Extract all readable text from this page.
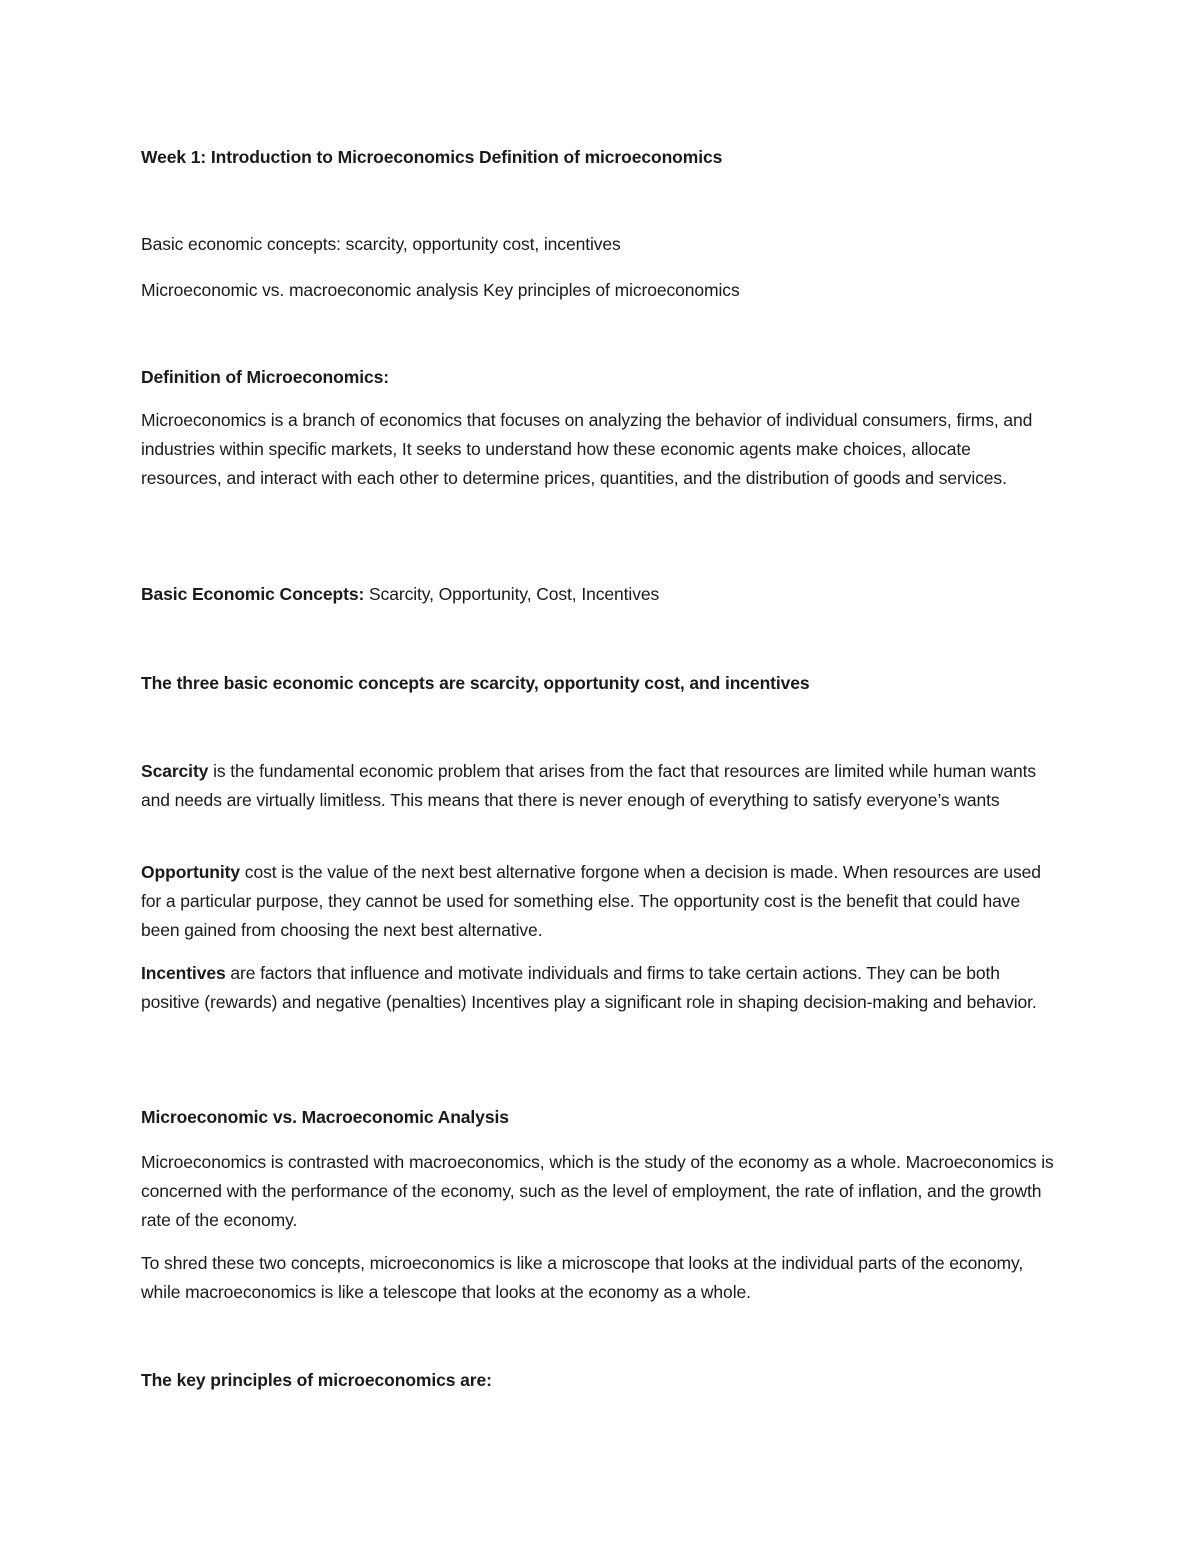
Week 1: Introduction to Microeconomics Definition of microeconomics
Basic economic concepts: scarcity, opportunity cost, incentives
Microeconomic vs. macroeconomic analysis Key principles of microeconomics
Definition of Microeconomics:
Microeconomics is a branch of economics that focuses on analyzing the behavior of individual consumers, firms, and industries within specific markets, It seeks to understand how these economic agents make choices, allocate resources, and interact with each other to determine prices, quantities, and the distribution of goods and services.
Basic Economic Concepts: Scarcity, Opportunity, Cost, Incentives
The three basic economic concepts are scarcity, opportunity cost, and incentives
Scarcity is the fundamental economic problem that arises from the fact that resources are limited while human wants and needs are virtually limitless. This means that there is never enough of everything to satisfy everyone’s wants
Opportunity cost is the value of the next best alternative forgone when a decision is made. When resources are used for a particular purpose, they cannot be used for something else. The opportunity cost is the benefit that could have been gained from choosing the next best alternative.
Incentives are factors that influence and motivate individuals and firms to take certain actions. They can be both positive (rewards) and negative (penalties) Incentives play a significant role in shaping decision-making and behavior.
Microeconomic vs. Macroeconomic Analysis
Microeconomics is contrasted with macroeconomics, which is the study of the economy as a whole. Macroeconomics is concerned with the performance of the economy, such as the level of employment, the rate of inflation, and the growth rate of the economy.
To shred these two concepts, microeconomics is like a microscope that looks at the individual parts of the economy, while macroeconomics is like a telescope that looks at the economy as a whole.
The key principles of microeconomics are:
